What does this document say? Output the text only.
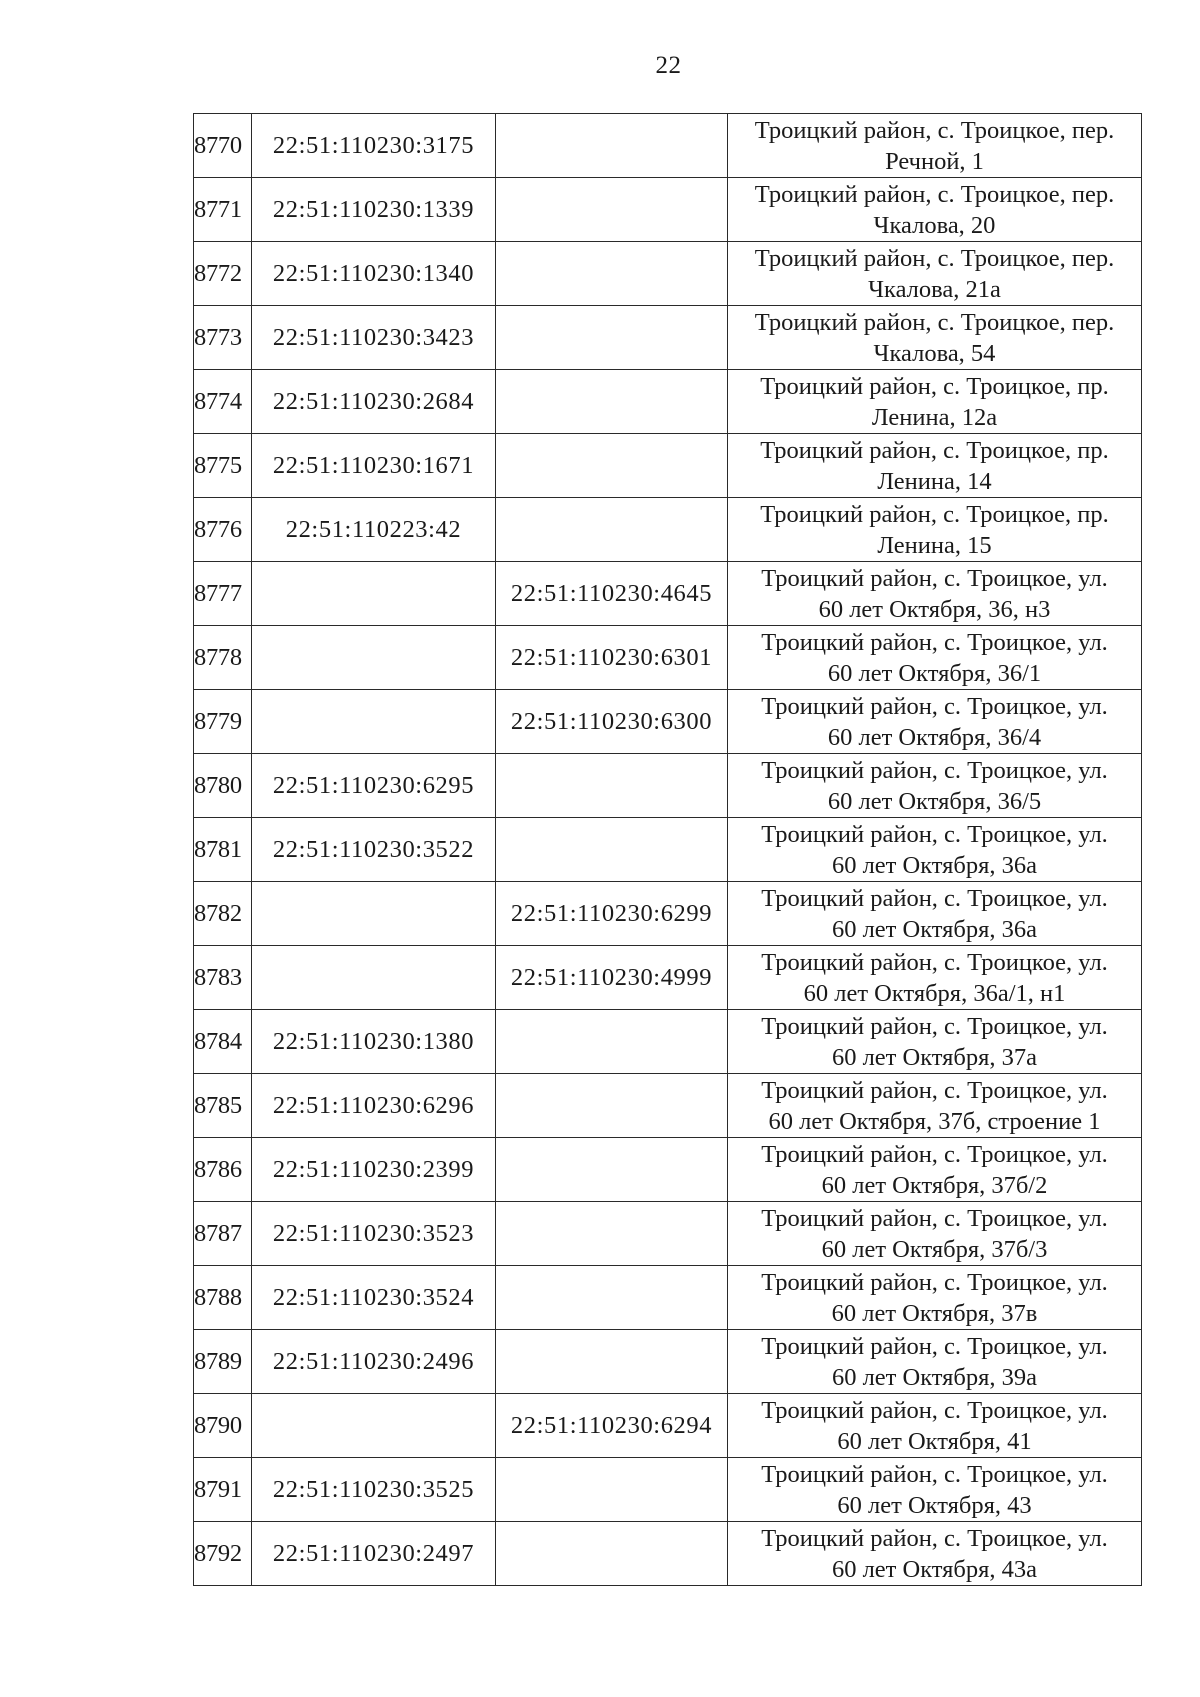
22
8770	22:51:110230:3175		Троицкий район, с. Троицкое, пер.
Речной, 1

8771	22:51:110230:1339		Троицкий район, с. Троицкое, пер.
Чкалова, 20

8772	22:51:110230:1340		Троицкий район, с. Троицкое, пер.
Чкалова, 21а

8773	22:51:110230:3423		Троицкий район, с. Троицкое, пер.
Чкалова, 54

8774	22:51:110230:2684		Троицкий район, с. Троицкое, пр.
Ленина, 12а

8775	22:51:110230:1671		Троицкий район, с. Троицкое, пр.
Ленина, 14

8776	22:51:110223:42		Троицкий район, с. Троицкое, пр.
Ленина, 15

8777		22:51:110230:4645	Троицкий район, с. Троицкое, ул.
60 лет Октября, 36, н3

8778		22:51:110230:6301	Троицкий район, с. Троицкое, ул.
60 лет Октября, 36/1

8779		22:51:110230:6300	Троицкий район, с. Троицкое, ул.
60 лет Октября, 36/4

8780	22:51:110230:6295		Троицкий район, с. Троицкое, ул.
60 лет Октября, 36/5

8781	22:51:110230:3522		Троицкий район, с. Троицкое, ул.
60 лет Октября, 36а

8782		22:51:110230:6299	Троицкий район, с. Троицкое, ул.
60 лет Октября, 36а

8783		22:51:110230:4999	Троицкий район, с. Троицкое, ул.
60 лет Октября, 36а/1, н1

8784	22:51:110230:1380		Троицкий район, с. Троицкое, ул.
60 лет Октября, 37а

8785	22:51:110230:6296		Троицкий район, с. Троицкое, ул.
60 лет Октября, 37б, строение 1

8786	22:51:110230:2399		Троицкий район, с. Троицкое, ул.
60 лет Октября, 37б/2

8787	22:51:110230:3523		Троицкий район, с. Троицкое, ул.
60 лет Октября, 37б/3

8788	22:51:110230:3524		Троицкий район, с. Троицкое, ул.
60 лет Октября, 37в

8789	22:51:110230:2496		Троицкий район, с. Троицкое, ул.
60 лет Октября, 39а

8790		22:51:110230:6294	Троицкий район, с. Троицкое, ул.
60 лет Октября, 41

8791	22:51:110230:3525		Троицкий район, с. Троицкое, ул.
60 лет Октября, 43

8792	22:51:110230:2497		Троицкий район, с. Троицкое, ул.
60 лет Октября, 43а
